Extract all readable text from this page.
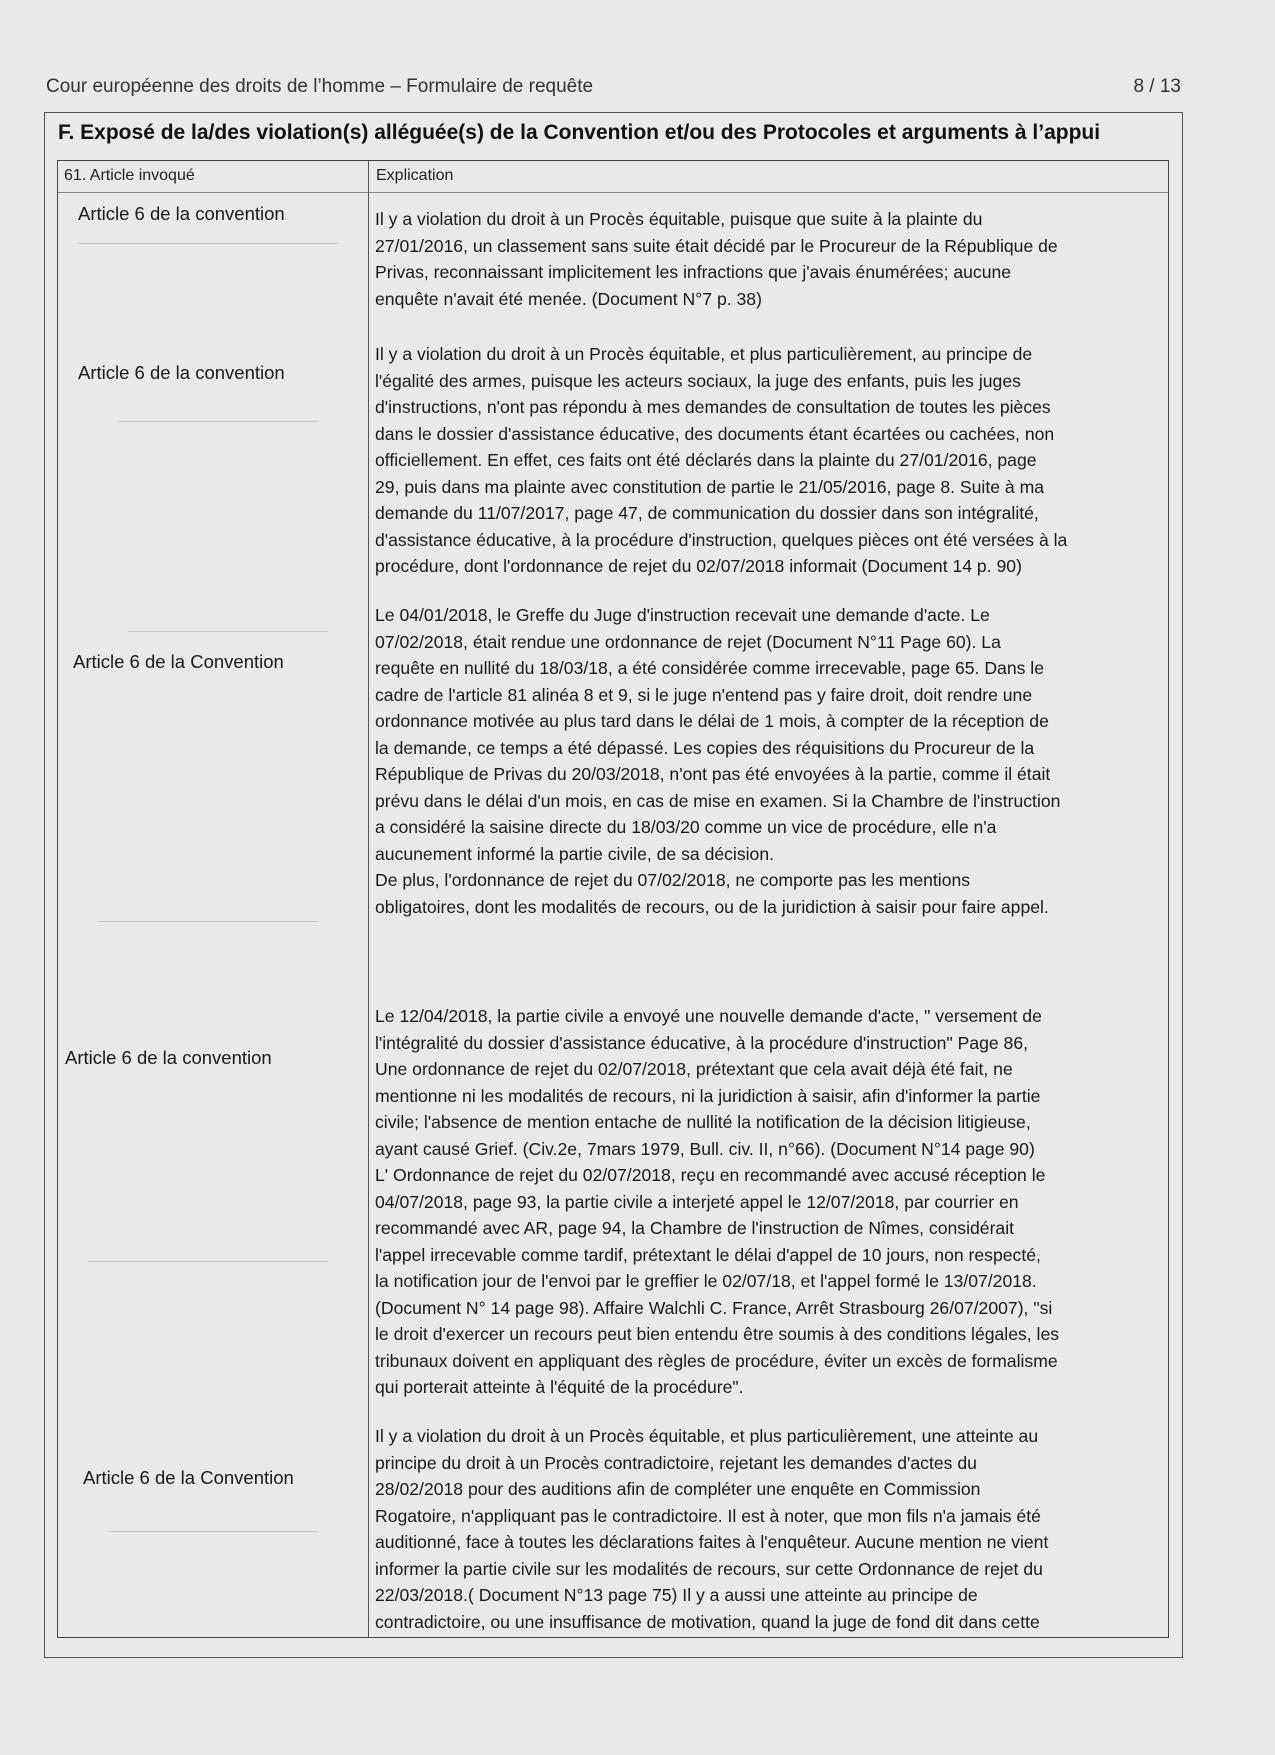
Cour européenne des droits de l’homme – Formulaire de requête	8 / 13
F. Exposé de la/des violation(s) alléguée(s) de la Convention et/ou des Protocoles et arguments à l’appui
61. Article invoqué	Explication
Article 6 de la convention	Il y a violation du droit à un Procès équitable, puisque que suite à la plainte du
27/01/2016, un classement sans suite était décidé par le Procureur de la République de
Privas, reconnaissant implicitement les infractions que j'avais énumérées; aucune
enquête n'avait été menée. (Document N°7 p. 38)
Article 6 de la convention
Il y a violation du droit à un Procès équitable, et plus particulièrement, au principe de
l'égalité des armes, puisque les acteurs sociaux, la juge des enfants, puis les juges
d'instructions, n'ont pas répondu à mes demandes de consultation de toutes les pièces
dans le dossier d'assistance éducative, des documents étant écartées ou cachées, non
officiellement. En effet, ces faits ont été déclarés dans la plainte du 27/01/2016, page
29, puis dans ma plainte avec constitution de partie le 21/05/2016, page 8. Suite à ma
demande du 11/07/2017, page 47, de communication du dossier dans son intégralité,
d'assistance éducative, à la procédure d'instruction, quelques pièces ont été versées à la
procédure, dont l'ordonnance de rejet du 02/07/2018 informait (Document 14 p. 90)
Article 6 de la Convention
Le 04/01/2018, le Greffe du Juge d'instruction recevait une demande d'acte. Le
07/02/2018, était rendue une ordonnance de rejet (Document N°11 Page 60). La
requête en nullité du 18/03/18, a été considérée comme irrecevable, page 65. Dans le
cadre de l'article 81 alinéa 8 et 9, si le juge n'entend pas y faire droit, doit rendre une
ordonnance motivée au plus tard dans le délai de 1 mois, à compter de la réception de
la demande, ce temps a été dépassé. Les copies des réquisitions du Procureur de la
République de Privas du 20/03/2018, n'ont pas été envoyées à la partie, comme il était
prévu dans le délai d'un mois, en cas de mise en examen. Si la Chambre de l'instruction
a considéré la saisine directe du 18/03/20 comme un vice de procédure, elle n'a
aucunement informé la partie civile, de sa décision.
De plus, l'ordonnance de rejet du 07/02/2018, ne comporte pas les mentions
obligatoires, dont les modalités de recours, ou de la juridiction à saisir pour faire appel.
Article 6 de la convention
Le 12/04/2018, la partie civile a envoyé une nouvelle demande d'acte, " versement de
l'intégralité du dossier d'assistance éducative, à la procédure d'instruction" Page 86,
Une ordonnance de rejet du 02/07/2018, prétextant que cela avait déjà été fait, ne
mentionne ni les modalités de recours, ni la juridiction à saisir, afin d'informer la partie
civile; l'absence de mention entache de nullité la notification de la décision litigieuse,
ayant causé Grief. (Civ.2e, 7mars 1979, Bull. civ. II, n°66). (Document N°14 page 90)
L' Ordonnance de rejet du 02/07/2018, reçu en recommandé avec accusé réception le
04/07/2018, page 93, la partie civile a interjeté appel le 12/07/2018, par courrier en
recommandé avec AR, page 94, la Chambre de l'instruction de Nîmes, considérait
l'appel irrecevable comme tardif, prétextant le délai d'appel de 10 jours, non respecté,
la notification jour de l'envoi par le greffier le 02/07/18, et l'appel formé le 13/07/2018.
(Document N° 14 page 98). Affaire Walchli C. France, Arrêt Strasbourg 26/07/2007), "si
le droit d'exercer un recours peut bien entendu être soumis à des conditions légales, les
tribunaux doivent en appliquant des règles de procédure, éviter un excès de formalisme
qui porterait atteinte à l'équité de la procédure".
Article 6 de la Convention
Il y a violation du droit à un Procès équitable, et plus particulièrement, une atteinte au
principe du droit à un Procès contradictoire, rejetant les demandes d'actes du
28/02/2018 pour des auditions afin de compléter une enquête en Commission
Rogatoire, n'appliquant pas le contradictoire. Il est à noter, que mon fils n'a jamais été
auditionné, face à toutes les déclarations faites à l'enquêteur. Aucune mention ne vient
informer la partie civile sur les modalités de recours, sur cette Ordonnance de rejet du
22/03/2018.( Document N°13 page 75) Il y a aussi une atteinte au principe de
contradictoire, ou une insuffisance de motivation, quand la juge de fond dit dans cette
